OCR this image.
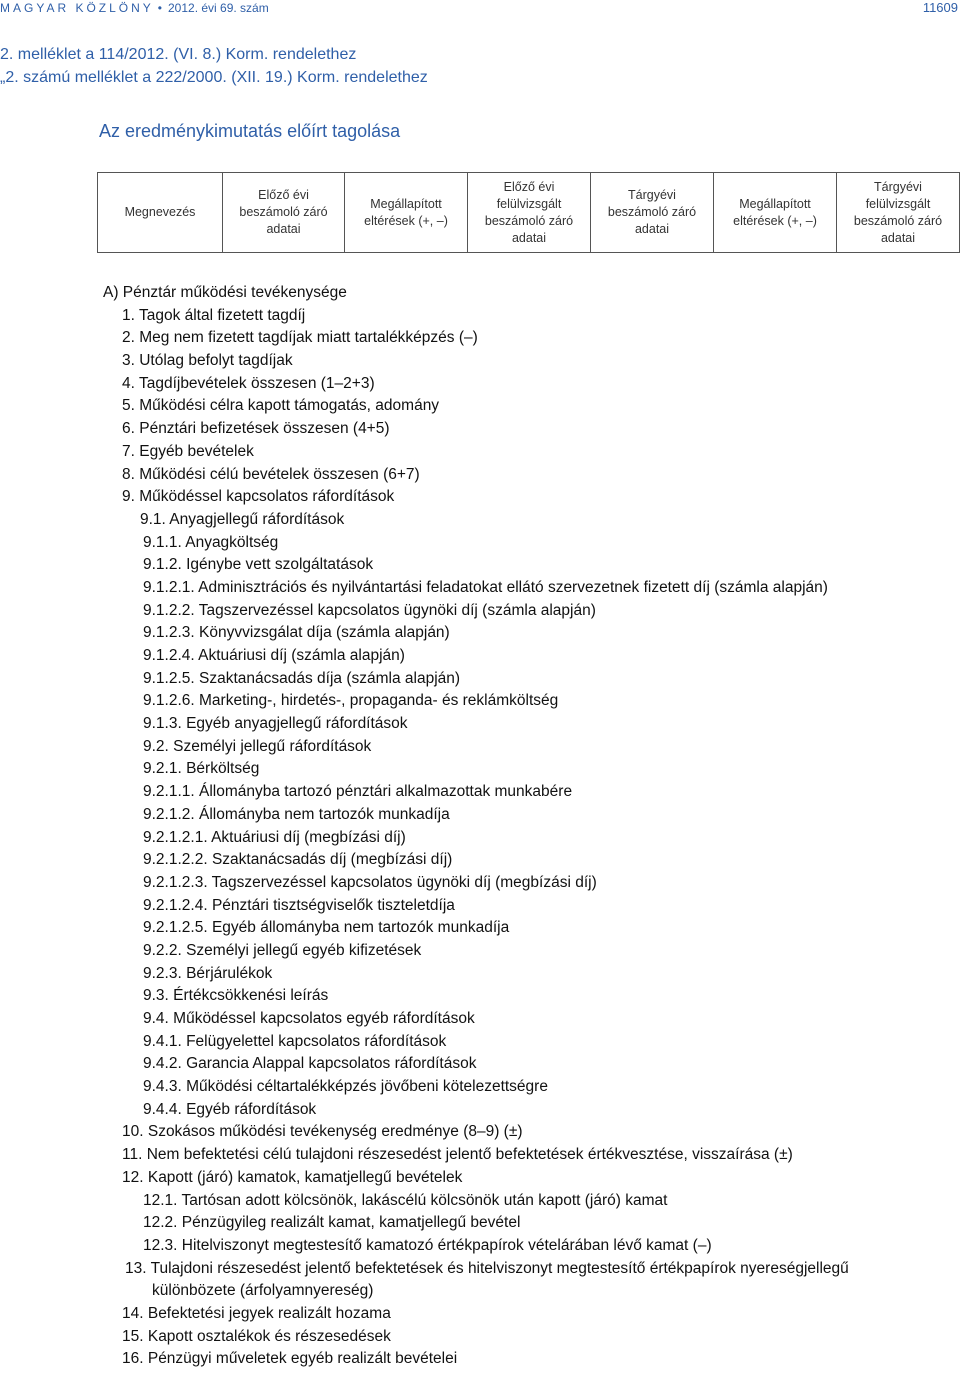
MAGYAR KÖZLÖNY • 2012. évi 69. szám	11609
2. melléklet a 114/2012. (VI. 8.) Korm. rendelethez
„2. számú melléklet a 222/2000. (XII. 19.) Korm. rendelethez
Az eredménykimutatás előírt tagolása
Megnevezés	Előző évi
beszámoló záró
adatai	Megállapított
eltérések (+, –)	Előző évi
felülvizsgált
beszámoló záró
adatai	Tárgyévi
beszámoló záró
adatai	Megállapított
eltérések (+, –)	Tárgyévi
felülvizsgált
beszámoló záró
adatai
A) Pénztár működési tevékenysége
1. Tagok által fizetett tagdíj
2. Meg nem fizetett tagdíjak miatt tartalékképzés (–)
3. Utólag befolyt tagdíjak
4. Tagdíjbevételek összesen (1–2+3)
5. Működési célra kapott támogatás, adomány
6. Pénztári befizetések összesen (4+5)
7. Egyéb bevételek
8. Működési célú bevételek összesen (6+7)
9. Működéssel kapcsolatos ráfordítások
9.1. Anyagjellegű ráfordítások
9.1.1. Anyagköltség
9.1.2. Igénybe vett szolgáltatások
9.1.2.1. Adminisztrációs és nyilvántartási feladatokat ellátó szervezetnek fizetett díj (számla alapján)
9.1.2.2. Tagszervezéssel kapcsolatos ügynöki díj (számla alapján)
9.1.2.3. Könyvvizsgálat díja (számla alapján)
9.1.2.4. Aktuáriusi díj (számla alapján)
9.1.2.5. Szaktanácsadás díja (számla alapján)
9.1.2.6. Marketing-, hirdetés-, propaganda- és reklámköltség
9.1.3. Egyéb anyagjellegű ráfordítások
9.2. Személyi jellegű ráfordítások
9.2.1. Bérköltség
9.2.1.1. Állományba tartozó pénztári alkalmazottak munkabére
9.2.1.2. Állományba nem tartozók munkadíja
9.2.1.2.1. Aktuáriusi díj (megbízási díj)
9.2.1.2.2. Szaktanácsadás díj (megbízási díj)
9.2.1.2.3. Tagszervezéssel kapcsolatos ügynöki díj (megbízási díj)
9.2.1.2.4. Pénztári tisztségviselők tiszteletdíja
9.2.1.2.5. Egyéb állományba nem tartozók munkadíja
9.2.2. Személyi jellegű egyéb kifizetések
9.2.3. Bérjárulékok
9.3. Értékcsökkenési leírás
9.4. Működéssel kapcsolatos egyéb ráfordítások
9.4.1. Felügyelettel kapcsolatos ráfordítások
9.4.2. Garancia Alappal kapcsolatos ráfordítások
9.4.3. Működési céltartalékképzés jövőbeni kötelezettségre
9.4.4. Egyéb ráfordítások
10. Szokásos működési tevékenység eredménye (8–9) (±)
11. Nem befektetési célú tulajdoni részesedést jelentő befektetések értékvesztése, visszaírása (±)
12. Kapott (járó) kamatok, kamatjellegű bevételek
12.1. Tartósan adott kölcsönök, lakáscélú kölcsönök után kapott (járó) kamat
12.2. Pénzügyileg realizált kamat, kamatjellegű bevétel
12.3. Hitelviszonyt megtestesítő kamatozó értékpapírok vételárában lévő kamat (–)
13. Tulajdoni részesedést jelentő befektetések és hitelviszonyt megtestesítő értékpapírok nyereségjellegű
különbözete (árfolyamnyereség)
14. Befektetési jegyek realizált hozama
15. Kapott osztalékok és részesedések
16. Pénzügyi műveletek egyéb realizált bevételei
